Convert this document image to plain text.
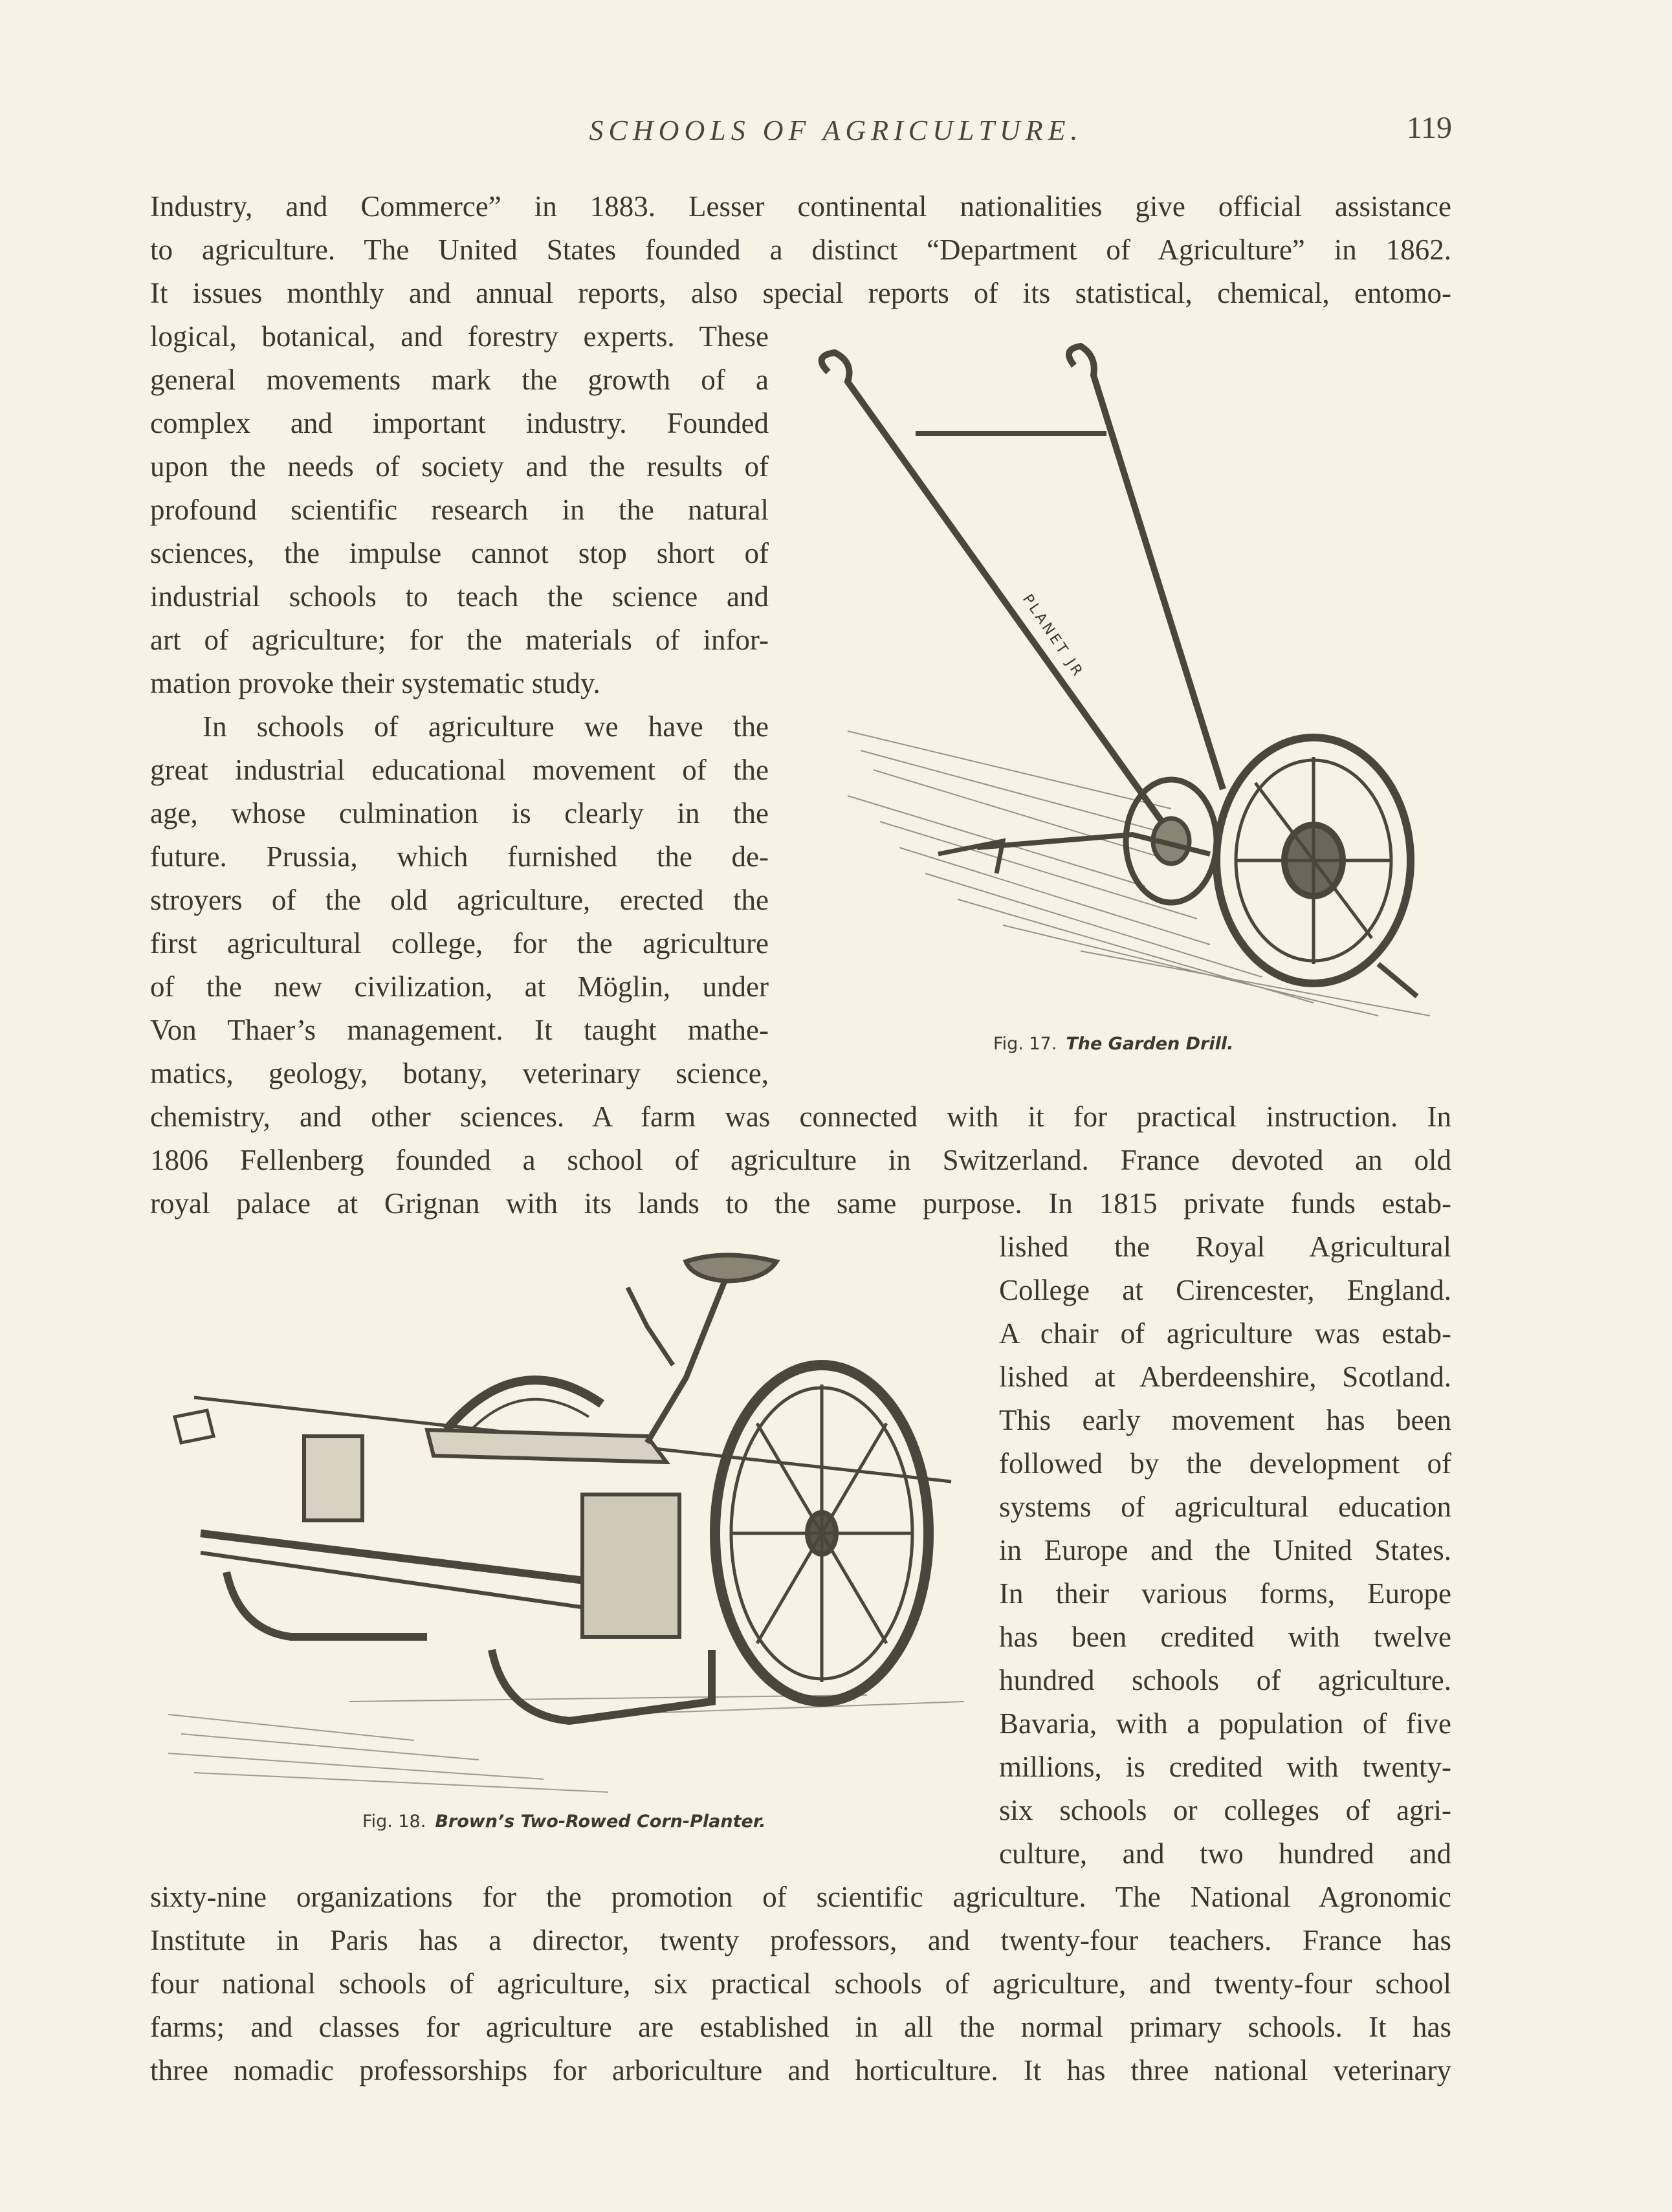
SCHOOLS OF AGRICULTURE.	119
Industry, and Commerce” in 1883. Lesser continental nationalities give official assistance
to agriculture. The United States founded a distinct “Department of Agriculture” in 1862.
It issues monthly and annual reports, also special reports of its statistical, chemical, entomo-
logical, botanical, and forestry experts. These
general movements mark the growth of a
complex and important industry. Founded
upon the needs of society and the results of
profound scientific research in the natural
sciences, the impulse cannot stop short of
industrial schools to teach the science and
art of agriculture; for the materials of infor-
mation provoke their systematic study.
In schools of agriculture we have the
great industrial educational movement of the
age, whose culmination is clearly in the
future. Prussia, which furnished the de-
stroyers of the old agriculture, erected the
first agricultural college, for the agriculture
of the new civilization, at Möglin, under
Von Thaer’s management. It taught mathe-
matics, geology, botany, veterinary science,
chemistry, and other sciences. A farm was connected with it for practical instruction. In
1806 Fellenberg founded a school of agriculture in Switzerland. France devoted an old
royal palace at Grignan with its lands to the same purpose. In 1815 private funds estab-
lished the Royal Agricultural
College at Cirencester, England.
A chair of agriculture was estab-
lished at Aberdeenshire, Scotland.
This early movement has been
followed by the development of
systems of agricultural education
in Europe and the United States.
In their various forms, Europe
has been credited with twelve
hundred schools of agriculture.
Bavaria, with a population of five
millions, is credited with twenty-
six schools or colleges of agri-
culture, and two hundred and
sixty-nine organizations for the promotion of scientific agriculture. The National Agronomic
Institute in Paris has a director, twenty professors, and twenty-four teachers. France has
four national schools of agriculture, six practical schools of agriculture, and twenty-four school
farms; and classes for agriculture are established in all the normal primary schools. It has
three nomadic professorships for arboriculture and horticulture. It has three national veterinary
PLANET JR
Fig. 17. The Garden Drill.
Fig. 18. Brown’s Two-Rowed Corn-Planter.
